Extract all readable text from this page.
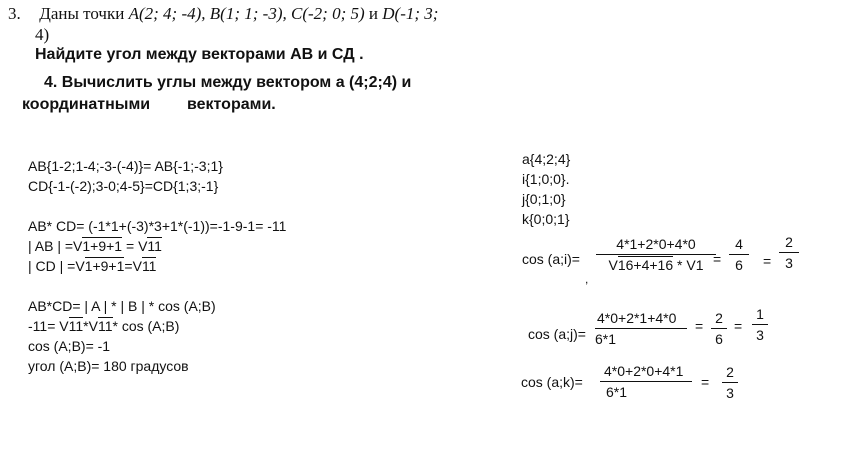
3. Даны точки A(2; 4; -4), B(1; 1; -3), C(-2; 0; 5) и D(-1; 3;
4)
Найдите угол между векторами AB и СД .
4. Вычислить углы между вектором a (4;2;4) и
координатными векторами.
AB{1-2;1-4;-3-(-4)}= AB{-1;-3;1}
CD{-1-(-2);3-0;4-5}=CD{1;3;-1}
AB* CD= (-1*1+(-3)*3+1*(-1))=-1-9-1= -11
| AB | =V1+9+1 = V11
| CD | =V1+9+1=V11
AB*CD= | A | * | B | * cos (A;B)
-11= V11*V11* cos (A;B)
cos (A;B)= -1
угол (A;B)= 180 градусов
a{4;2;4}
i{1;0;0}.
j{0;1;0}
k{0;0;1}
cos (a;i)=
4*1+2*0+4*0
V16+4+16 * V1 =
4
6	=
2
3
,
cos (a;j)=
4*0+2*1+4*0
6*1
= 2
6
=
1
3
cos (a;k)=
4*0+2*0+4*1
6*1
=
2
3
